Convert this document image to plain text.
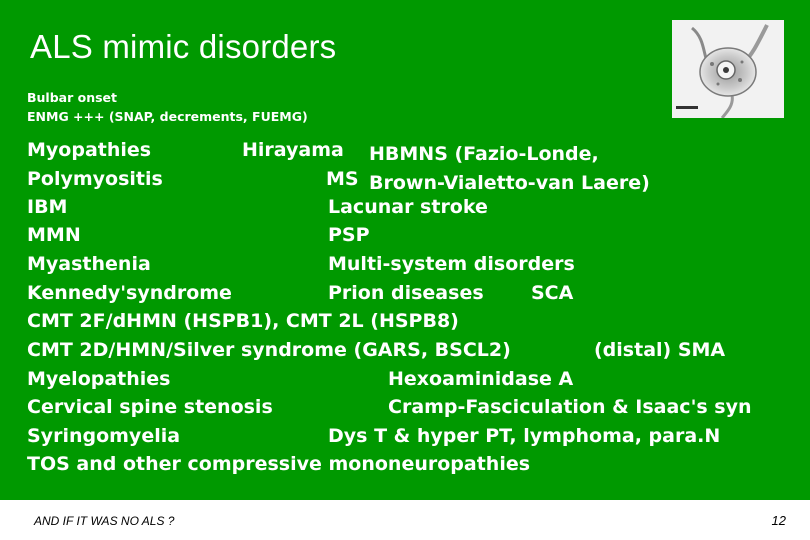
ALS mimic disorders
Bulbar onset
ENMG +++ (SNAP, decrements, FUEMG)
Myopathies
Polymyositis
IBM
MMN
Myasthenia
Kennedy'syndrome
Hirayama
MS
Lacunar stroke
PSP
Multi-system disorders
Prion diseases
HBMNS (Fazio-Londe,
Brown-Vialetto-van Laere)
SCA
CMT 2F/dHMN (HSPB1), CMT 2L (HSPB8)
CMT 2D/HMN/Silver syndrome (GARS, BSCL2)	(distal) SMA
Myelopathies
Cervical spine stenosis
Syringomyelia
Hexoaminidase A
Cramp-Fasciculation & Isaac's syn
Dys T & hyper PT, lymphoma, para.N
TOS and other compressive mononeuropathies
AND IF IT WAS NO ALS ?	12
